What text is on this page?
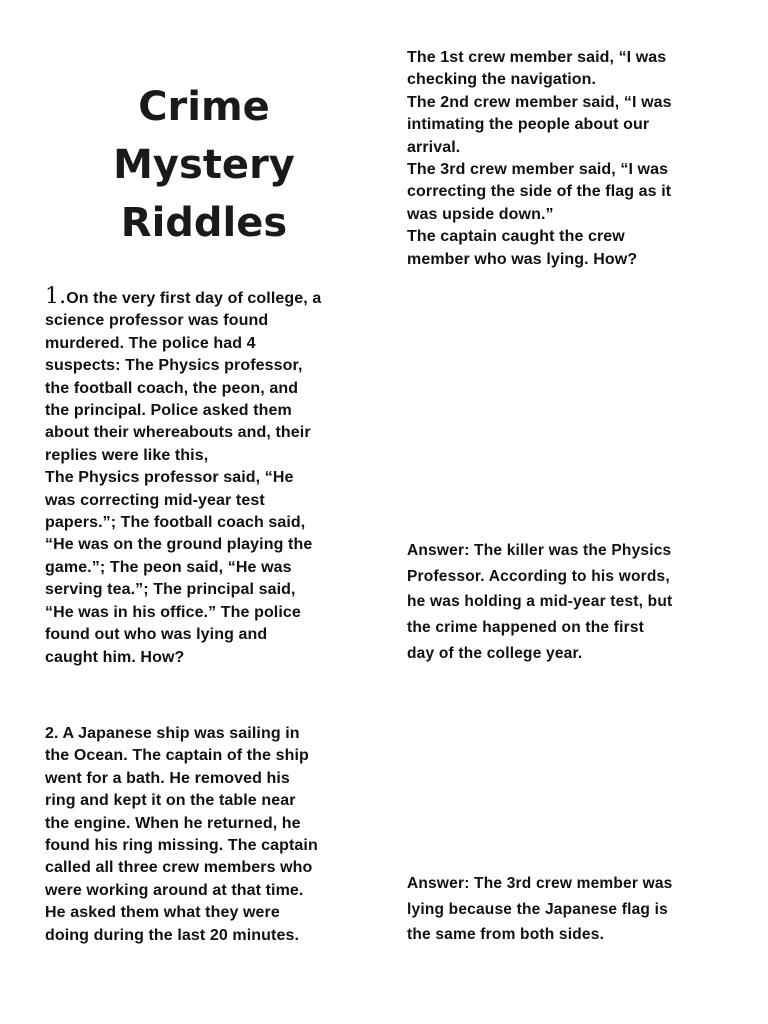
Crime
Mystery
Riddles
1.On the very first day of college, a
science professor was found
murdered. The police had 4
suspects: The Physics professor,
the football coach, the peon, and
the principal. Police asked them
about their whereabouts and, their
replies were like this,
The Physics professor said, “He
was correcting mid-year test
papers.”; The football coach said,
“He was on the ground playing the
game.”; The peon said, “He was
serving tea.”; The principal said,
“He was in his office.” The police
found out who was lying and
caught him. How?
2. A Japanese ship was sailing in
the Ocean. The captain of the ship
went for a bath. He removed his
ring and kept it on the table near
the engine. When he returned, he
found his ring missing. The captain
called all three crew members who
were working around at that time.
He asked them what they were
doing during the last 20 minutes.
The 1st crew member said, “I was
checking the navigation.
The 2nd crew member said, “I was
intimating the people about our
arrival.
The 3rd crew member said, “I was
correcting the side of the flag as it
was upside down.”
The captain caught the crew
member who was lying. How?
Answer: The killer was the Physics
Professor. According to his words,
he was holding a mid-year test, but
the crime happened on the first
day of the college year.
Answer: The 3rd crew member was
lying because the Japanese flag is
the same from both sides.
